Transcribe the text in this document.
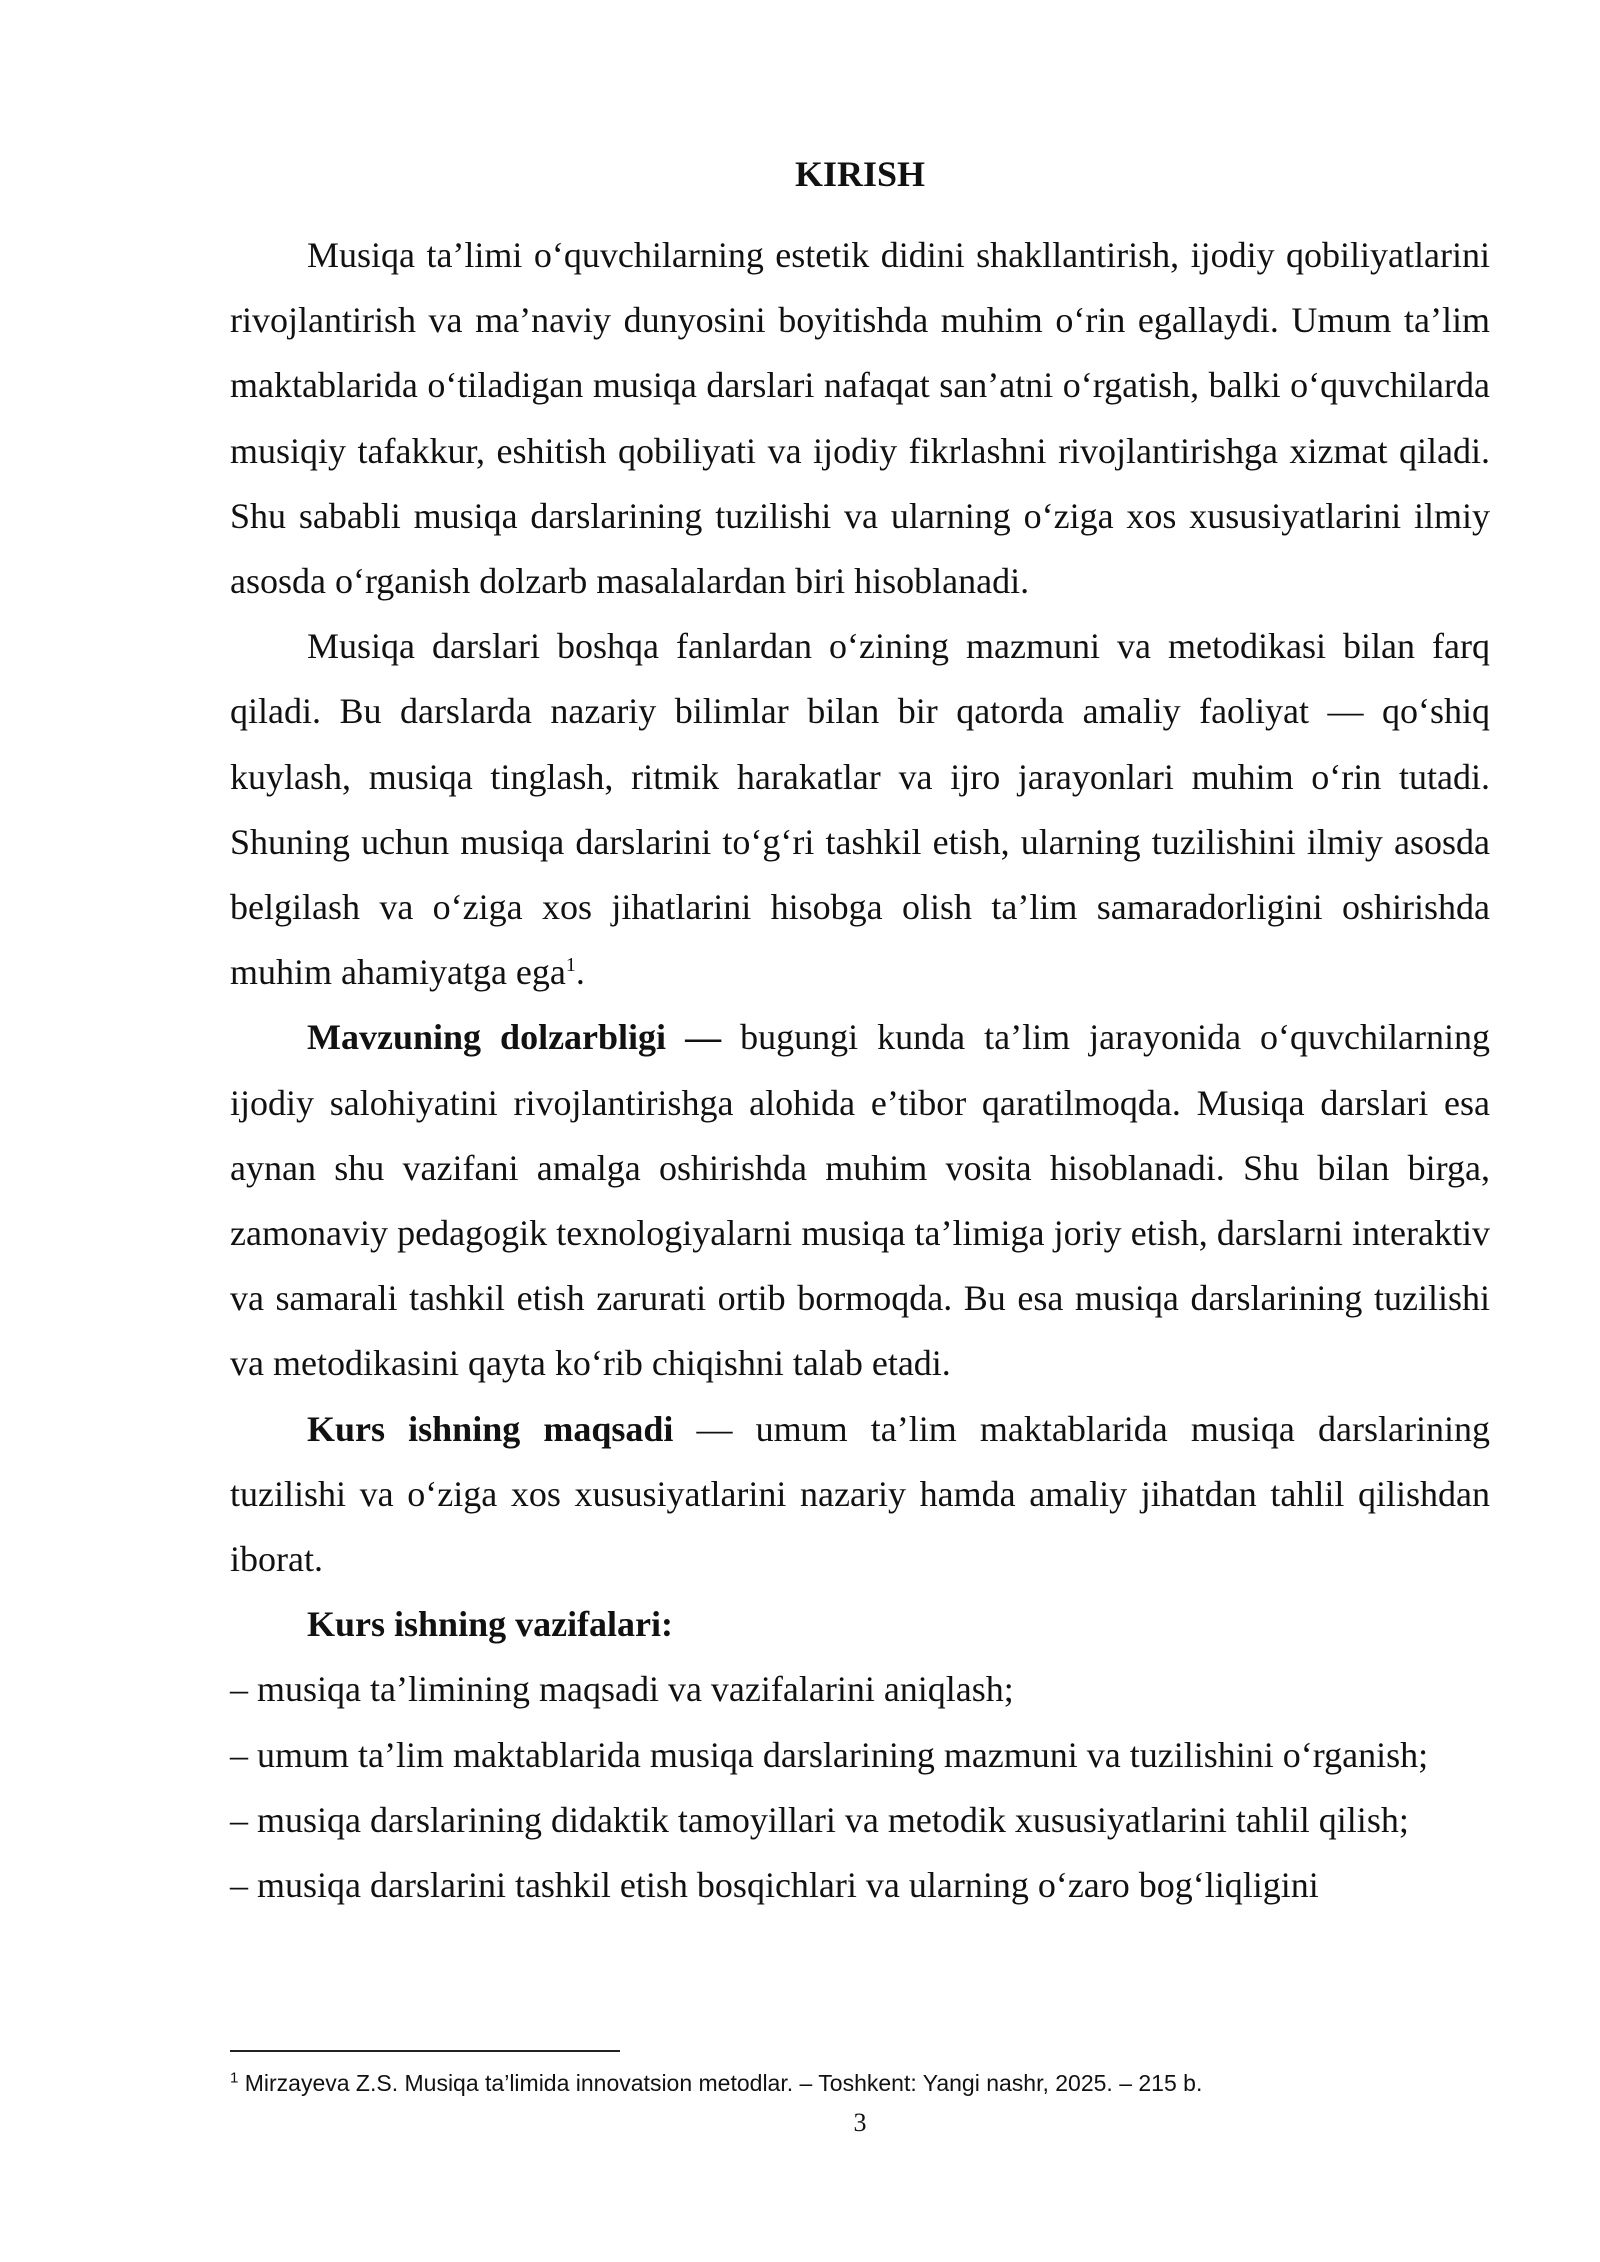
KIRISH

Musiqa ta’limi o‘quvchilarning estetik didini shakllantirish, ijodiy qobiliyatlarini rivojlantirish va ma’naviy dunyosini boyitishda muhim o‘rin egallaydi. Umum ta’lim maktablarida o‘tiladigan musiqa darslari nafaqat san’atni o‘rgatish, balki o‘quvchilarda musiqiy tafakkur, eshitish qobiliyati va ijodiy fikrlashni rivojlantirishga xizmat qiladi. Shu sababli musiqa darslarining tuzilishi va ularning o‘ziga xos xususiyatlarini ilmiy asosda o‘rganish dolzarb masalalardan biri hisoblanadi.

Musiqa darslari boshqa fanlardan o‘zining mazmuni va metodikasi bilan farq qiladi. Bu darslarda nazariy bilimlar bilan bir qatorda amaliy faoliyat — qo‘shiq kuylash, musiqa tinglash, ritmik harakatlar va ijro jarayonlari muhim o‘rin tutadi. Shuning uchun musiqa darslarini to‘g‘ri tashkil etish, ularning tuzilishini ilmiy asosda belgilash va o‘ziga xos jihatlarini hisobga olish ta’lim samaradorligini oshirishda muhim ahamiyatga ega$^1$.

Mavzuning dolzarbligi — bugungi kunda ta’lim jarayonida o‘quvchilarning ijodiy salohiyatini rivojlantirishga alohida e’tibor qaratilmoqda. Musiqa darslari esa aynan shu vazifani amalga oshirishda muhim vosita hisoblanadi. Shu bilan birga, zamonaviy pedagogik texnologiyalarni musiqa ta’limiga joriy etish, darslarni interaktiv va samarali tashkil etish zarurati ortib bormoqda. Bu esa musiqa darslarining tuzilishi va metodikasini qayta ko‘rib chiqishni talab etadi.

Kurs ishning maqsadi — umum ta’lim maktablarida musiqa darslarining tuzilishi va o‘ziga xos xususiyatlarini nazariy hamda amaliy jihatdan tahlil qilishdan iborat.

Kurs ishning vazifalari:

– musiqa ta’limining maqsadi va vazifalarini aniqlash;
– umum ta’lim maktablarida musiqa darslarining mazmuni va tuzilishini o‘rganish;
– musiqa darslarining didaktik tamoyillari va metodik xususiyatlarini tahlil qilish;
– musiqa darslarini tashkil etish bosqichlari va ularning o‘zaro bog‘liqligini
$^1$ Mirzayeva Z.S. Musiqa ta’limida innovatsion metodlar. – Toshkent: Yangi nashr, 2025. – 215 b.
3
